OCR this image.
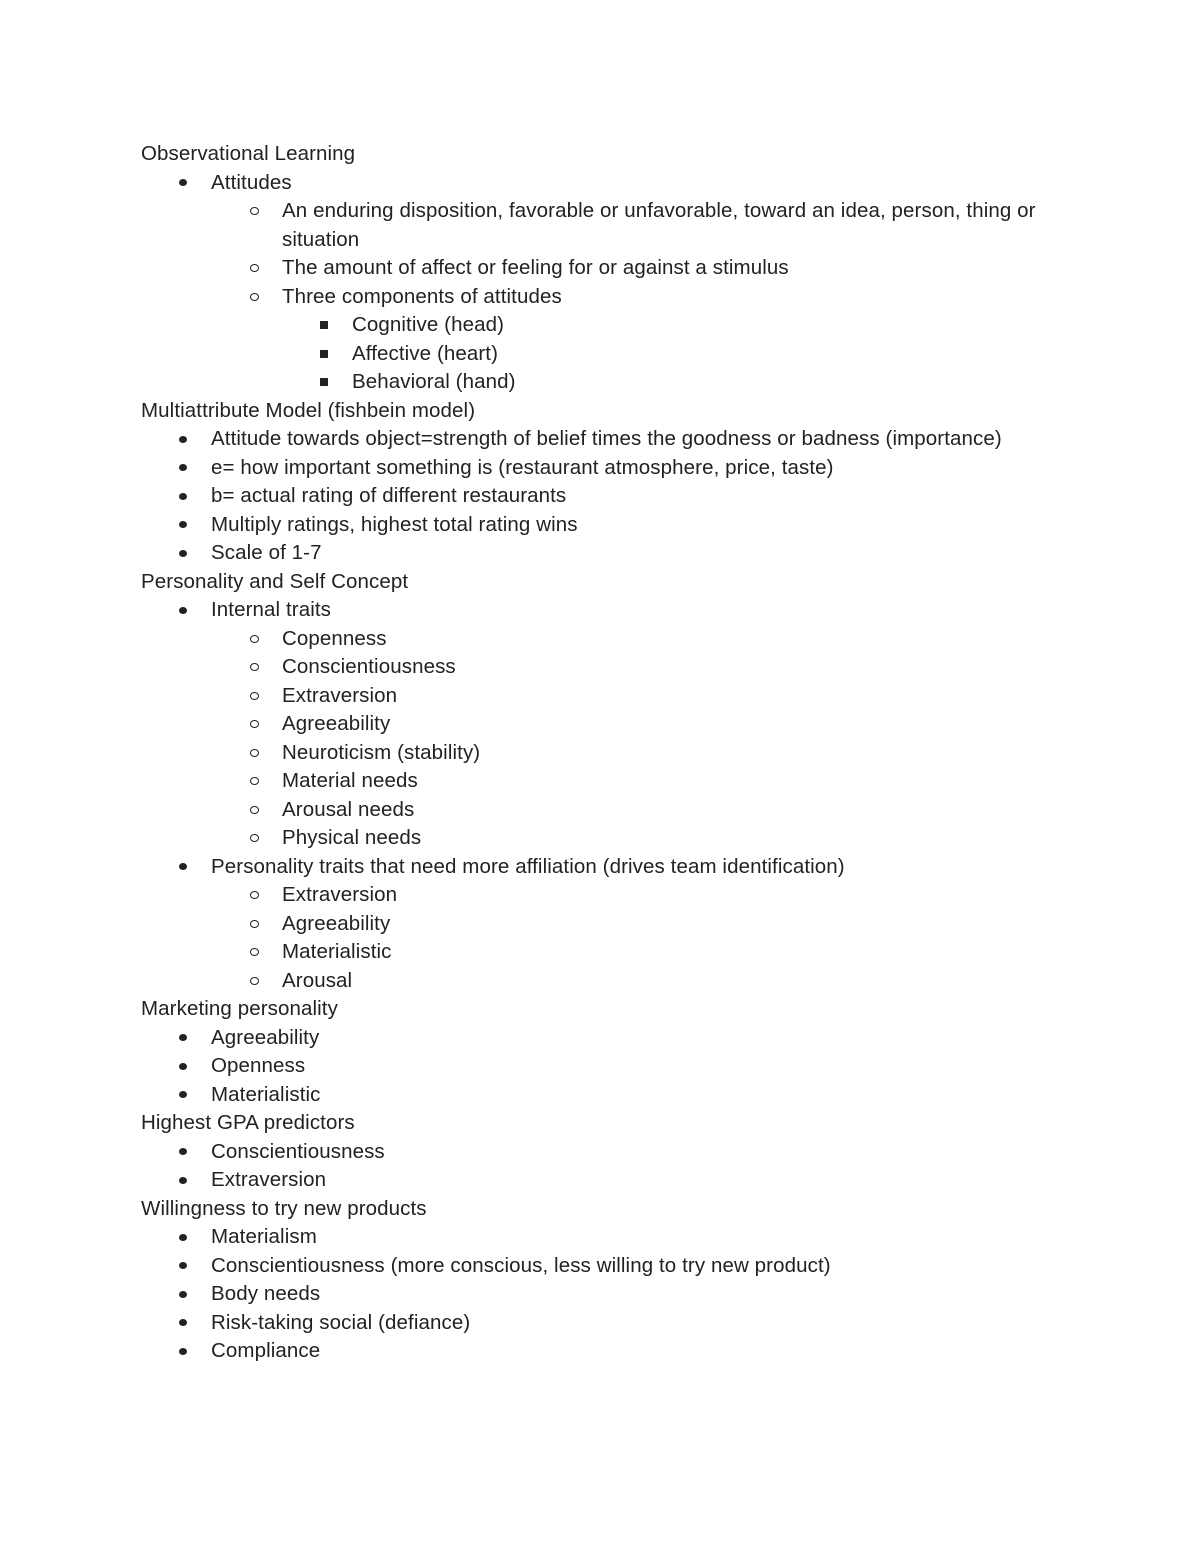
Observational Learning
Attitudes
An enduring disposition, favorable or unfavorable, toward an idea, person, thing or situation
The amount of affect or feeling for or against a stimulus
Three components of attitudes
Cognitive (head)
Affective (heart)
Behavioral (hand)
Multiattribute Model (fishbein model)
Attitude towards object=strength of belief times the goodness or badness (importance)
e= how important something is (restaurant atmosphere, price, taste)
b= actual rating of different restaurants
Multiply ratings, highest total rating wins
Scale of 1-7
Personality and Self Concept
Internal traits
Copenness
Conscientiousness
Extraversion
Agreeability
Neuroticism (stability)
Material needs
Arousal needs
Physical needs
Personality traits that need more affiliation (drives team identification)
Extraversion
Agreeability
Materialistic
Arousal
Marketing personality
Agreeability
Openness
Materialistic
Highest GPA predictors
Conscientiousness
Extraversion
Willingness to try new products
Materialism
Conscientiousness (more conscious, less willing to try new product)
Body needs
Risk-taking social (defiance)
Compliance
